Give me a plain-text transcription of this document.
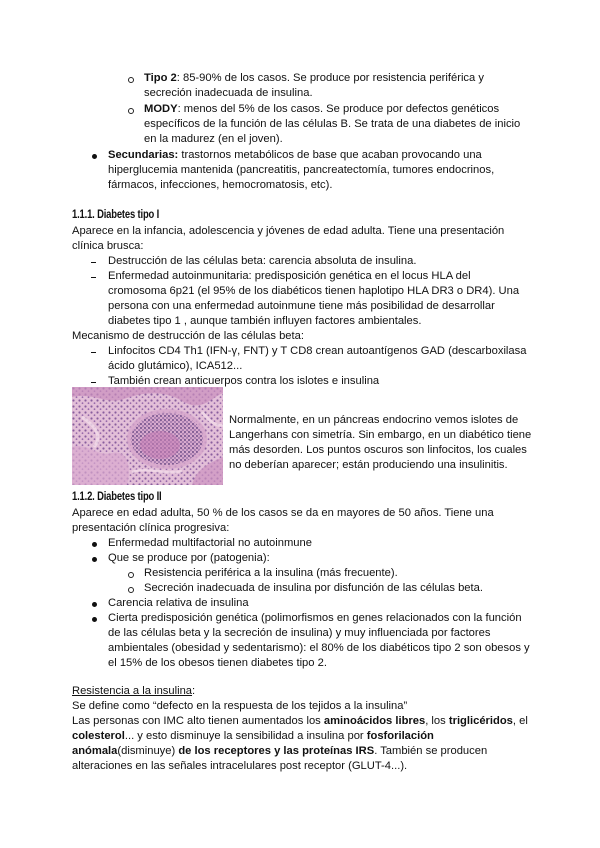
Tipo 2: 85-90% de los casos. Se produce por resistencia periférica y
secreción inadecuada de insulina.
MODY: menos del 5% de los casos. Se produce por defectos genéticos
específicos de la función de las células B. Se trata de una diabetes de inicio
en la madurez (en el joven).
Secundarias: trastornos metabólicos de base que acaban provocando una
hiperglucemia mantenida (pancreatitis, pancreatectomía, tumores endocrinos,
fármacos, infecciones, hemocromatosis, etc).
1.1.1. Diabetes tipo I
Aparece en la infancia, adolescencia y jóvenes de edad adulta. Tiene una presentación
clínica brusca:
Destrucción de las células beta: carencia absoluta de insulina.
Enfermedad autoinmunitaria: predisposición genética en el locus HLA del
cromosoma 6p21 (el 95% de los diabéticos tienen haplotipo HLA DR3 o DR4). Una
persona con una enfermedad autoinmune tiene más posibilidad de desarrollar
diabetes tipo 1 , aunque también influyen factores ambientales.
Mecanismo de destrucción de las células beta:
Linfocitos CD4 Th1 (IFN-γ, FNT) y T CD8 crean autoantígenos GAD (descarboxilasa
ácido glutámico), ICA512...
También crean anticuerpos contra los islotes e insulina
Normalmente, en un páncreas endocrino vemos islotes de
Langerhans con simetría. Sin embargo, en un diabético tiene
más desorden. Los puntos oscuros son linfocitos, los cuales
no deberían aparecer; están produciendo una insulinitis.
1.1.2. Diabetes tipo II
Aparece en edad adulta, 50 % de los casos se da en mayores de 50 años. Tiene una
presentación clínica progresiva:
Enfermedad multifactorial no autoinmune
Que se produce por (patogenia):
Resistencia periférica a la insulina (más frecuente).
Secreción inadecuada de insulina por disfunción de las células beta.
Carencia relativa de insulina
Cierta predisposición genética (polimorfismos en genes relacionados con la función
de las células beta y la secreción de insulina) y muy influenciada por factores
ambientales (obesidad y sedentarismo): el 80% de los diabéticos tipo 2 son obesos y
el 15% de los obesos tienen diabetes tipo 2.
Resistencia a la insulina:
Se define como “defecto en la respuesta de los tejidos a la insulina”
Las personas con IMC alto tienen aumentados los aminoácidos libres, los triglicéridos, el
colesterol... y esto disminuye la sensibilidad a insulina por fosforilación
anómala(disminuye) de los receptores y las proteínas IRS. También se producen
alteraciones en las señales intracelulares post receptor (GLUT-4...).
